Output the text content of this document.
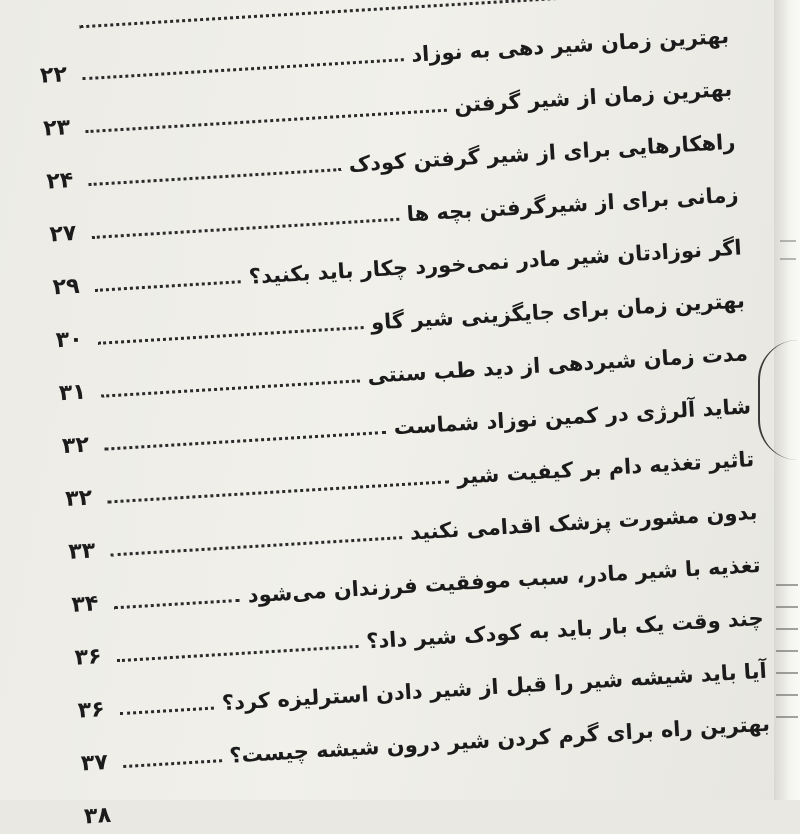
بهترین زمان شیر دهی به نوزاد
۲۲
بهترین زمان از شیر گرفتن
۲۳
راهکارهایی برای از شیر گرفتن کودک
۲۴
زمانی برای از شیرگرفتن بچه ها
۲۷
اگر نوزادتان شیر مادر نمی‌خورد چکار باید بکنید؟
۲۹
بهترین زمان برای جایگزینی شیر گاو
۳۰
مدت زمان شیردهی از دید طب سنتی
۳۱
شاید آلرژی در کمین نوزاد شماست
۳۲
تاثیر تغذیه دام بر کیفیت شیر
۳۲
بدون مشورت پزشک اقدامی نکنید
۳۳
تغذیه با شیر مادر، سبب موفقیت فرزندان می‌شود
۳۴
چند وقت یک بار باید به کودک شیر داد؟
۳۶
آیا باید شیشه شیر را قبل از شیر دادن استرلیزه کرد؟
۳۶
بهترین راه برای گرم کردن شیر درون شیشه چیست؟
۳۷
۳۸
